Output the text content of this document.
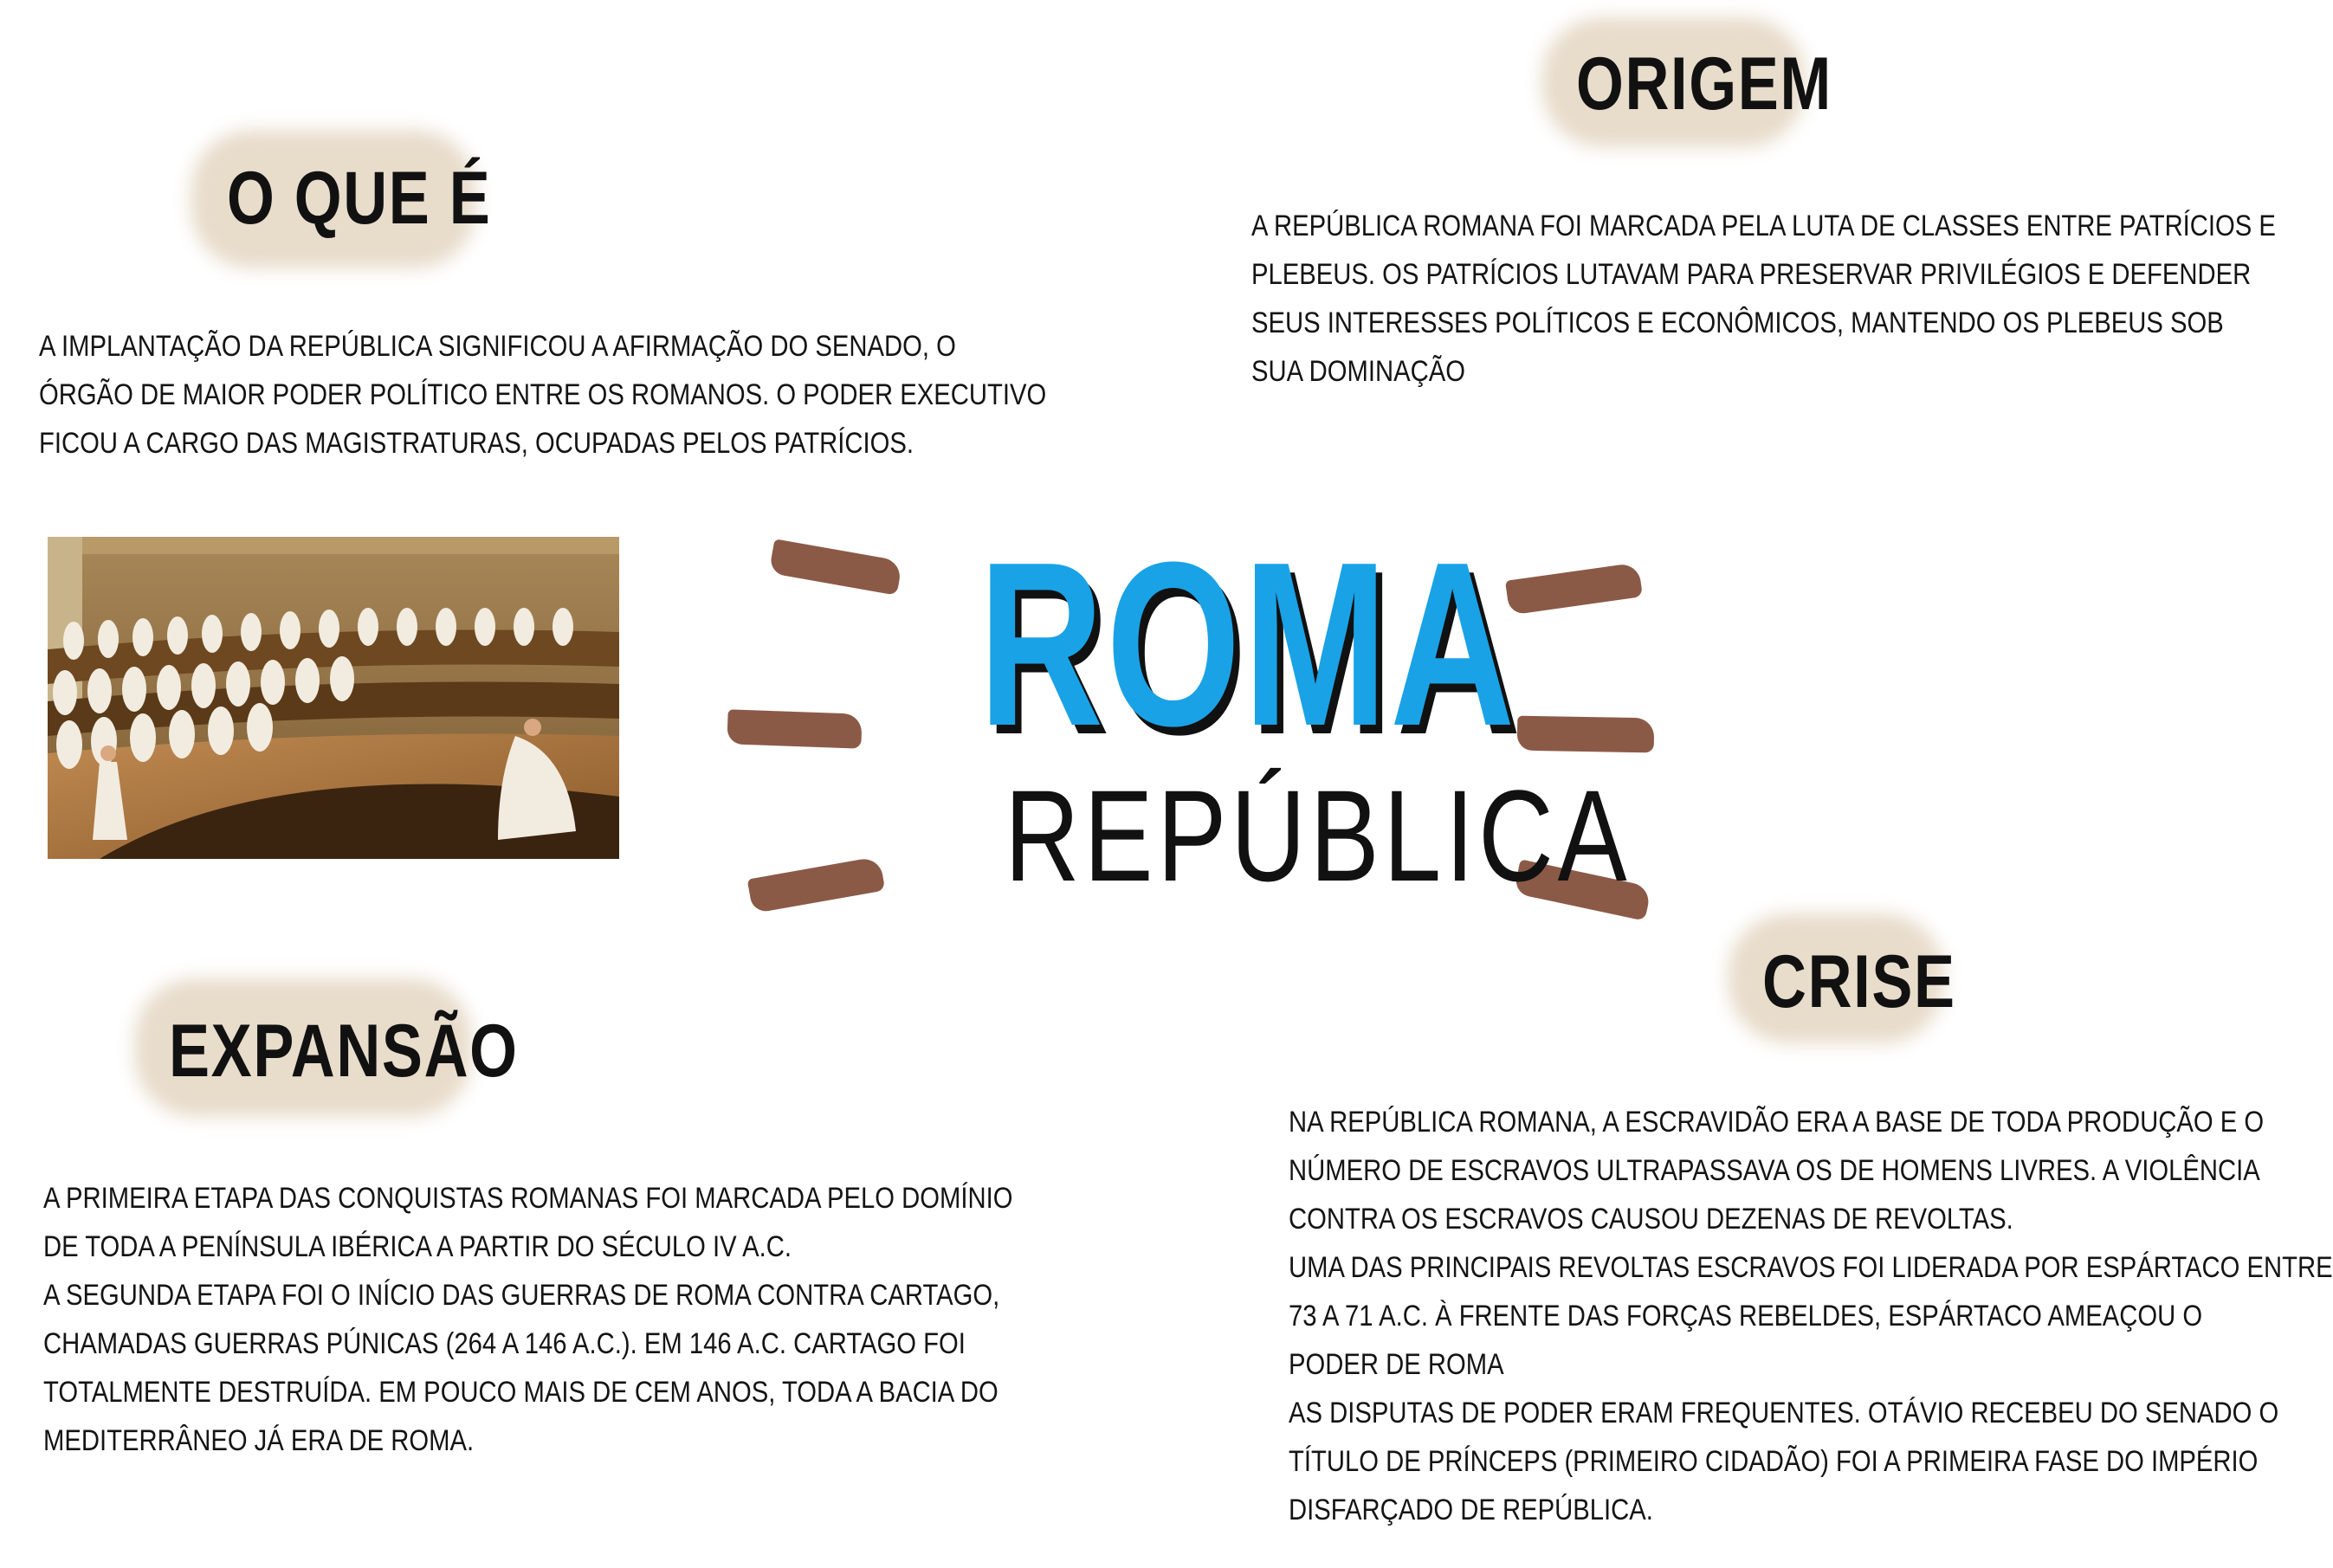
O QUE É
A IMPLANTAÇÃO DA REPÚBLICA SIGNIFICOU A AFIRMAÇÃO DO SENADO, O
ÓRGÃO DE MAIOR PODER POLÍTICO ENTRE OS ROMANOS. O PODER EXECUTIVO
FICOU A CARGO DAS MAGISTRATURAS, OCUPADAS PELOS PATRÍCIOS.
ORIGEM
A REPÚBLICA ROMANA FOI MARCADA PELA LUTA DE CLASSES ENTRE PATRÍCIOS E
PLEBEUS. OS PATRÍCIOS LUTAVAM PARA PRESERVAR PRIVILÉGIOS E DEFENDER
SEUS INTERESSES POLÍTICOS E ECONÔMICOS, MANTENDO OS PLEBEUS SOB
SUA DOMINAÇÃO
ROMA
REPÚBLICA
EXPANSÃO
A PRIMEIRA ETAPA DAS CONQUISTAS ROMANAS FOI MARCADA PELO DOMÍNIO
DE TODA A PENÍNSULA IBÉRICA A PARTIR DO SÉCULO IV A.C.
A SEGUNDA ETAPA FOI O INÍCIO DAS GUERRAS DE ROMA CONTRA CARTAGO,
CHAMADAS GUERRAS PÚNICAS (264 A 146 A.C.). EM 146 A.C. CARTAGO FOI
TOTALMENTE DESTRUÍDA. EM POUCO MAIS DE CEM ANOS, TODA A BACIA DO
MEDITERRÂNEO JÁ ERA DE ROMA.
CRISE
NA REPÚBLICA ROMANA, A ESCRAVIDÃO ERA A BASE DE TODA PRODUÇÃO E O
NÚMERO DE ESCRAVOS ULTRAPASSAVA OS DE HOMENS LIVRES. A VIOLÊNCIA
CONTRA OS ESCRAVOS CAUSOU DEZENAS DE REVOLTAS.
UMA DAS PRINCIPAIS REVOLTAS ESCRAVOS FOI LIDERADA POR ESPÁRTACO ENTRE
73 A 71 A.C. À FRENTE DAS FORÇAS REBELDES, ESPÁRTACO AMEAÇOU O
PODER DE ROMA
AS DISPUTAS DE PODER ERAM FREQUENTES. OTÁVIO RECEBEU DO SENADO O
TÍTULO DE PRÍNCEPS (PRIMEIRO CIDADÃO) FOI A PRIMEIRA FASE DO IMPÉRIO
DISFARÇADO DE REPÚBLICA.
